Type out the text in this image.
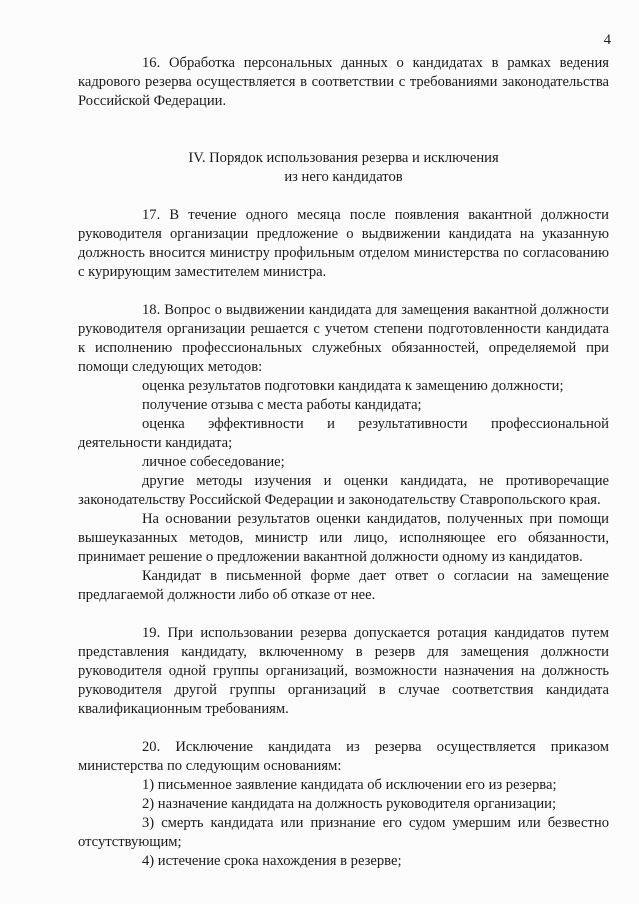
4

16. Обработка персональных данных о кандидатах в рамках ведения кадрового резерва осуществляется в соответствии с требованиями законодательства Российской Федерации.

IV. Порядок использования резерва и исключения
из него кандидатов

17. В течение одного месяца после появления вакантной должности руководителя организации предложение о выдвижении кандидата на указанную должность вносится министру профильным отделом министерства по согласованию с курирующим заместителем министра.

18. Вопрос о выдвижении кандидата для замещения вакантной должности руководителя организации решается с учетом степени подготовленности кандидата к исполнению профессиональных служебных обязанностей, определяемой при помощи следующих методов:

оценка результатов подготовки кандидата к замещению должности;

получение отзыва с места работы кандидата;

оценка эффективности и результативности профессиональной деятельности кандидата;

личное собеседование;

другие методы изучения и оценки кандидата, не противоречащие законодательству Российской Федерации и законодательству Ставропольского края.

На основании результатов оценки кандидатов, полученных при помощи вышеуказанных методов, министр или лицо, исполняющее его обязанности, принимает решение о предложении вакантной должности одному из кандидатов.

Кандидат в письменной форме дает ответ о согласии на замещение предлагаемой должности либо об отказе от нее.

19. При использовании резерва допускается ротация кандидатов путем представления кандидату, включенному в резерв для замещения должности руководителя одной группы организаций, возможности назначения на должность руководителя другой группы организаций в случае соответствия кандидата квалификационным требованиям.

20. Исключение кандидата из резерва осуществляется приказом министерства по следующим основаниям:

1) письменное заявление кандидата об исключении его из резерва;

2) назначение кандидата на должность руководителя организации;

3) смерть кандидата или признание его судом умершим или безвестно отсутствующим;

4) истечение срока нахождения в резерве;
